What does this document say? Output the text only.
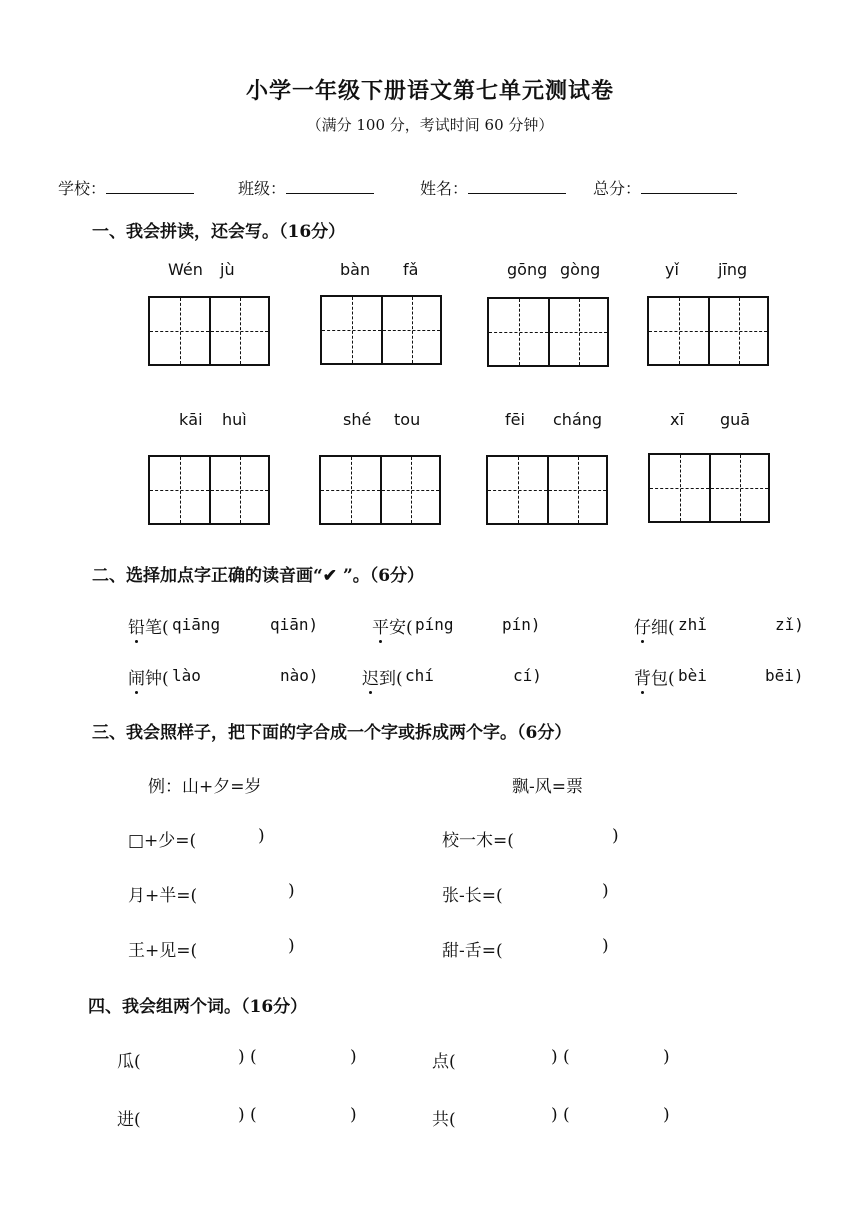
小学一年级下册语文第七单元测试卷
（满分 100 分，考试时间 60 分钟）
学校：	班级：	姓名：	总分：
一、我会拼读，还会写。（16分）
Wén jù	bàn fǎ	gōng gòng	yǐ jīng
kāi huì	shé tou	fēi cháng	xī guā
二、选择加点字正确的读音画“✔ ”。（6分）
铅笔( qiāng	qiān)	平安( píng	pín)	仔细( zhǐ	zǐ)
闹钟( lào	nào)	迟到( chí	cí)	背包( bèi	bēi)
三、我会照样子，把下面的字合成一个字或拆成两个字。（6分）
例：山+夕=岁	飘-风=票
□+少=(	)	校一木=(	)
月+半=(	)	张-长=(	)
王+见=(	)	甜-舌=(	)
四、我会组两个词。（16分）
瓜(	) (	)	点(	) (	)
进(	) (	)	共(	) (	)
